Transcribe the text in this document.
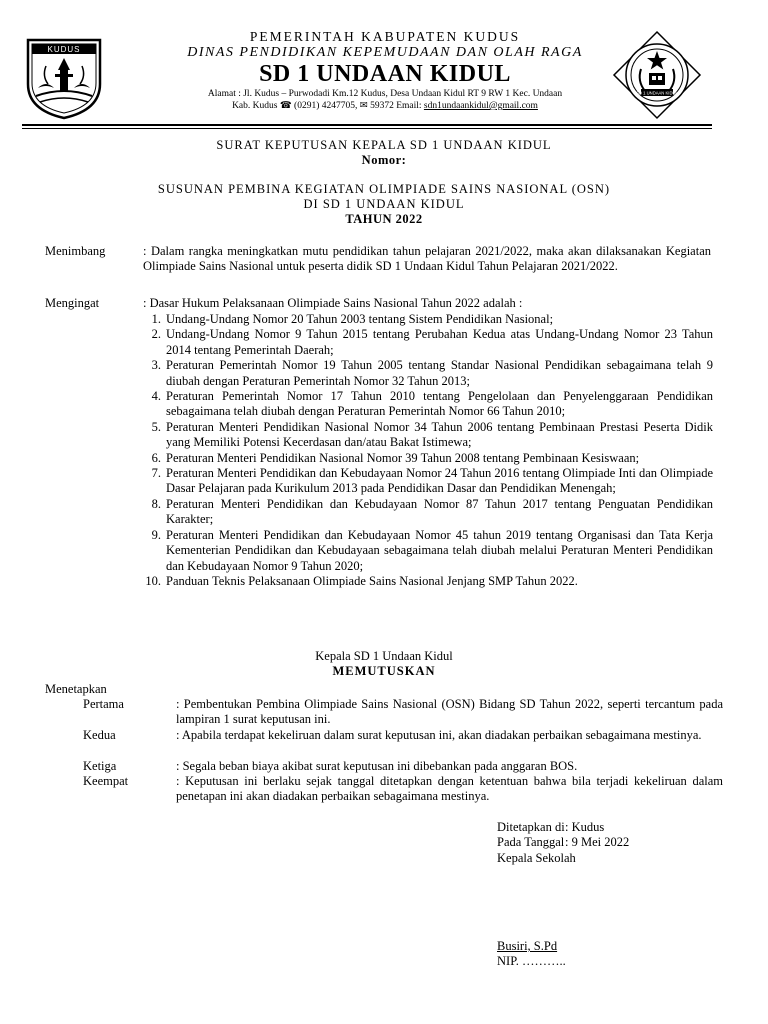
KUDUS
PEMERINTAH KABUPATEN KUDUS
DINAS PENDIDIKAN KEPEMUDAAN DAN OLAH RAGA
SD 1 UNDAAN KIDUL
Alamat : Jl. Kudus – Purwodadi Km.12 Kudus, Desa Undaan Kidul RT 9 RW 1 Kec. Undaan
Kab. Kudus ☎ (0291) 4247705, ✉ 59372 Email: sdn1undaankidul@gmail.com
SD 1 UNDAAN KIDUL
SURAT KEPUTUSAN KEPALA SD 1 UNDAAN KIDUL
Nomor:
SUSUNAN PEMBINA KEGIATAN OLIMPIADE SAINS NASIONAL (OSN)
DI SD 1 UNDAAN KIDUL
TAHUN 2022
Menimbang	: Dalam rangka meningkatkan mutu pendidikan tahun pelajaran 2021/2022, maka akan dilaksanakan Kegiatan Olimpiade Sains Nasional untuk peserta didik SD 1 Undaan Kidul Tahun Pelajaran 2021/2022.
Mengingat	: Dasar Hukum Pelaksanaan Olimpiade Sains Nasional Tahun 2022 adalah :
1. Undang-Undang Nomor 20 Tahun 2003 tentang Sistem Pendidikan Nasional;
2. Undang-Undang Nomor 9 Tahun 2015 tentang Perubahan Kedua atas Undang-Undang Nomor 23 Tahun 2014 tentang Pemerintah Daerah;
3. Peraturan Pemerintah Nomor 19 Tahun 2005 tentang Standar Nasional Pendidikan sebagaimana telah 9 diubah dengan Peraturan Pemerintah Nomor 32 Tahun 2013;
4. Peraturan Pemerintah Nomor 17 Tahun 2010 tentang Pengelolaan dan Penyelenggaraan Pendidikan sebagaimana telah diubah dengan Peraturan Pemerintah Nomor 66 Tahun 2010;
5. Peraturan Menteri Pendidikan Nasional Nomor 34 Tahun 2006 tentang Pembinaan Prestasi Peserta Didik yang Memiliki Potensi Kecerdasan dan/atau Bakat Istimewa;
6. Peraturan Menteri Pendidikan Nasional Nomor 39 Tahun 2008 tentang Pembinaan Kesiswaan;
7. Peraturan Menteri Pendidikan dan Kebudayaan Nomor 24 Tahun 2016 tentang Olimpiade Inti dan Olimpiade Dasar Pelajaran pada Kurikulum 2013 pada Pendidikan Dasar dan Pendidikan Menengah;
8. Peraturan Menteri Pendidikan dan Kebudayaan Nomor 87 Tahun 2017 tentang Penguatan Pendidikan Karakter;
9. Peraturan Menteri Pendidikan dan Kebudayaan Nomor 45 tahun 2019 tentang Organisasi dan Tata Kerja Kementerian Pendidikan dan Kebudayaan sebagaimana telah diubah melalui Peraturan Menteri Pendidikan dan Kebudayaan Nomor 9 Tahun 2020;
10. Panduan Teknis Pelaksanaan Olimpiade Sains Nasional Jenjang SMP Tahun 2022.
Kepala SD 1 Undaan Kidul
MEMUTUSKAN
Menetapkan
Pertama	: Pembentukan Pembina Olimpiade Sains Nasional (OSN) Bidang SD Tahun 2022, seperti tercantum pada lampiran 1 surat keputusan ini.
Kedua	: Apabila terdapat kekeliruan dalam surat keputusan ini, akan diadakan perbaikan sebagaimana mestinya.
Ketiga	: Segala beban biaya akibat surat keputusan ini dibebankan pada anggaran BOS.
Keempat	: Keputusan ini berlaku sejak tanggal ditetapkan dengan ketentuan bahwa bila terjadi kekeliruan dalam penetapan ini akan diadakan perbaikan sebagaimana mestinya.
Ditetapkan di: Kudus
Pada Tanggal: 9 Mei 2022
Kepala Sekolah
Busiri, S.Pd
NIP. ………..
